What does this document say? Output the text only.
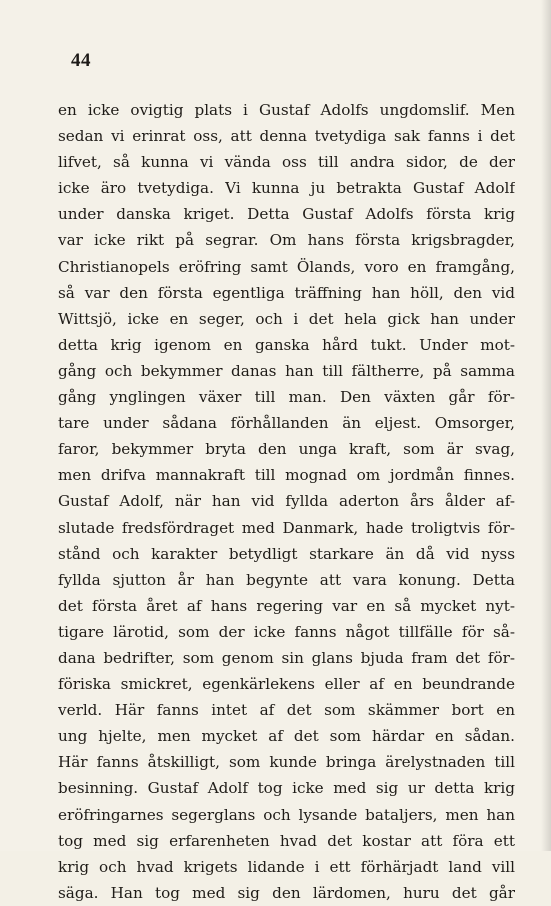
44

en icke ovigtig plats i Gustaf Adolfs ungdomslif. Men

sedan vi erinrat oss, att denna tvetydiga sak fanns i det

lifvet, så kunna vi vända oss till andra sidor, de der

icke äro tvetydiga. Vi kunna ju betrakta Gustaf Adolf

under danska kriget. Detta Gustaf Adolfs första krig

var icke rikt på segrar. Om hans första krigsbragder,

Christianopels eröfring samt Ölands, voro en framgång,

så var den första egentliga träffning han höll, den vid

Wittsjö, icke en seger, och i det hela gick han under

detta krig igenom en ganska hård tukt. Under mot-

gång och bekymmer danas han till fältherre, på samma

gång ynglingen växer till man. Den växten går för-

tare under sådana förhållanden än eljest. Omsorger,

faror, bekymmer bryta den unga kraft, som är svag,

men drifva mannakraft till mognad om jordmån finnes.

Gustaf Adolf, när han vid fyllda aderton års ålder af-

slutade fredsfördraget med Danmark, hade troligtvis för-

stånd och karakter betydligt starkare än då vid nyss

fyllda sjutton år han begynte att vara konung. Detta

det första året af hans regering var en så mycket nyt-

tigare lärotid, som der icke fanns något tillfälle för så-

dana bedrifter, som genom sin glans bjuda fram det för-

föriska smickret, egenkärlekens eller af en beundrande

verld. Här fanns intet af det som skämmer bort en

ung hjelte, men mycket af det som härdar en sådan.

Här fanns åtskilligt, som kunde bringa ärelystnaden till

besinning. Gustaf Adolf tog icke med sig ur detta krig

eröfringarnes segerglans och lysande bataljers, men han

tog med sig erfarenheten hvad det kostar att föra ett

krig och hvad krigets lidande i ett förhärjadt land vill

säga. Han tog med sig den lärdomen, huru det går
